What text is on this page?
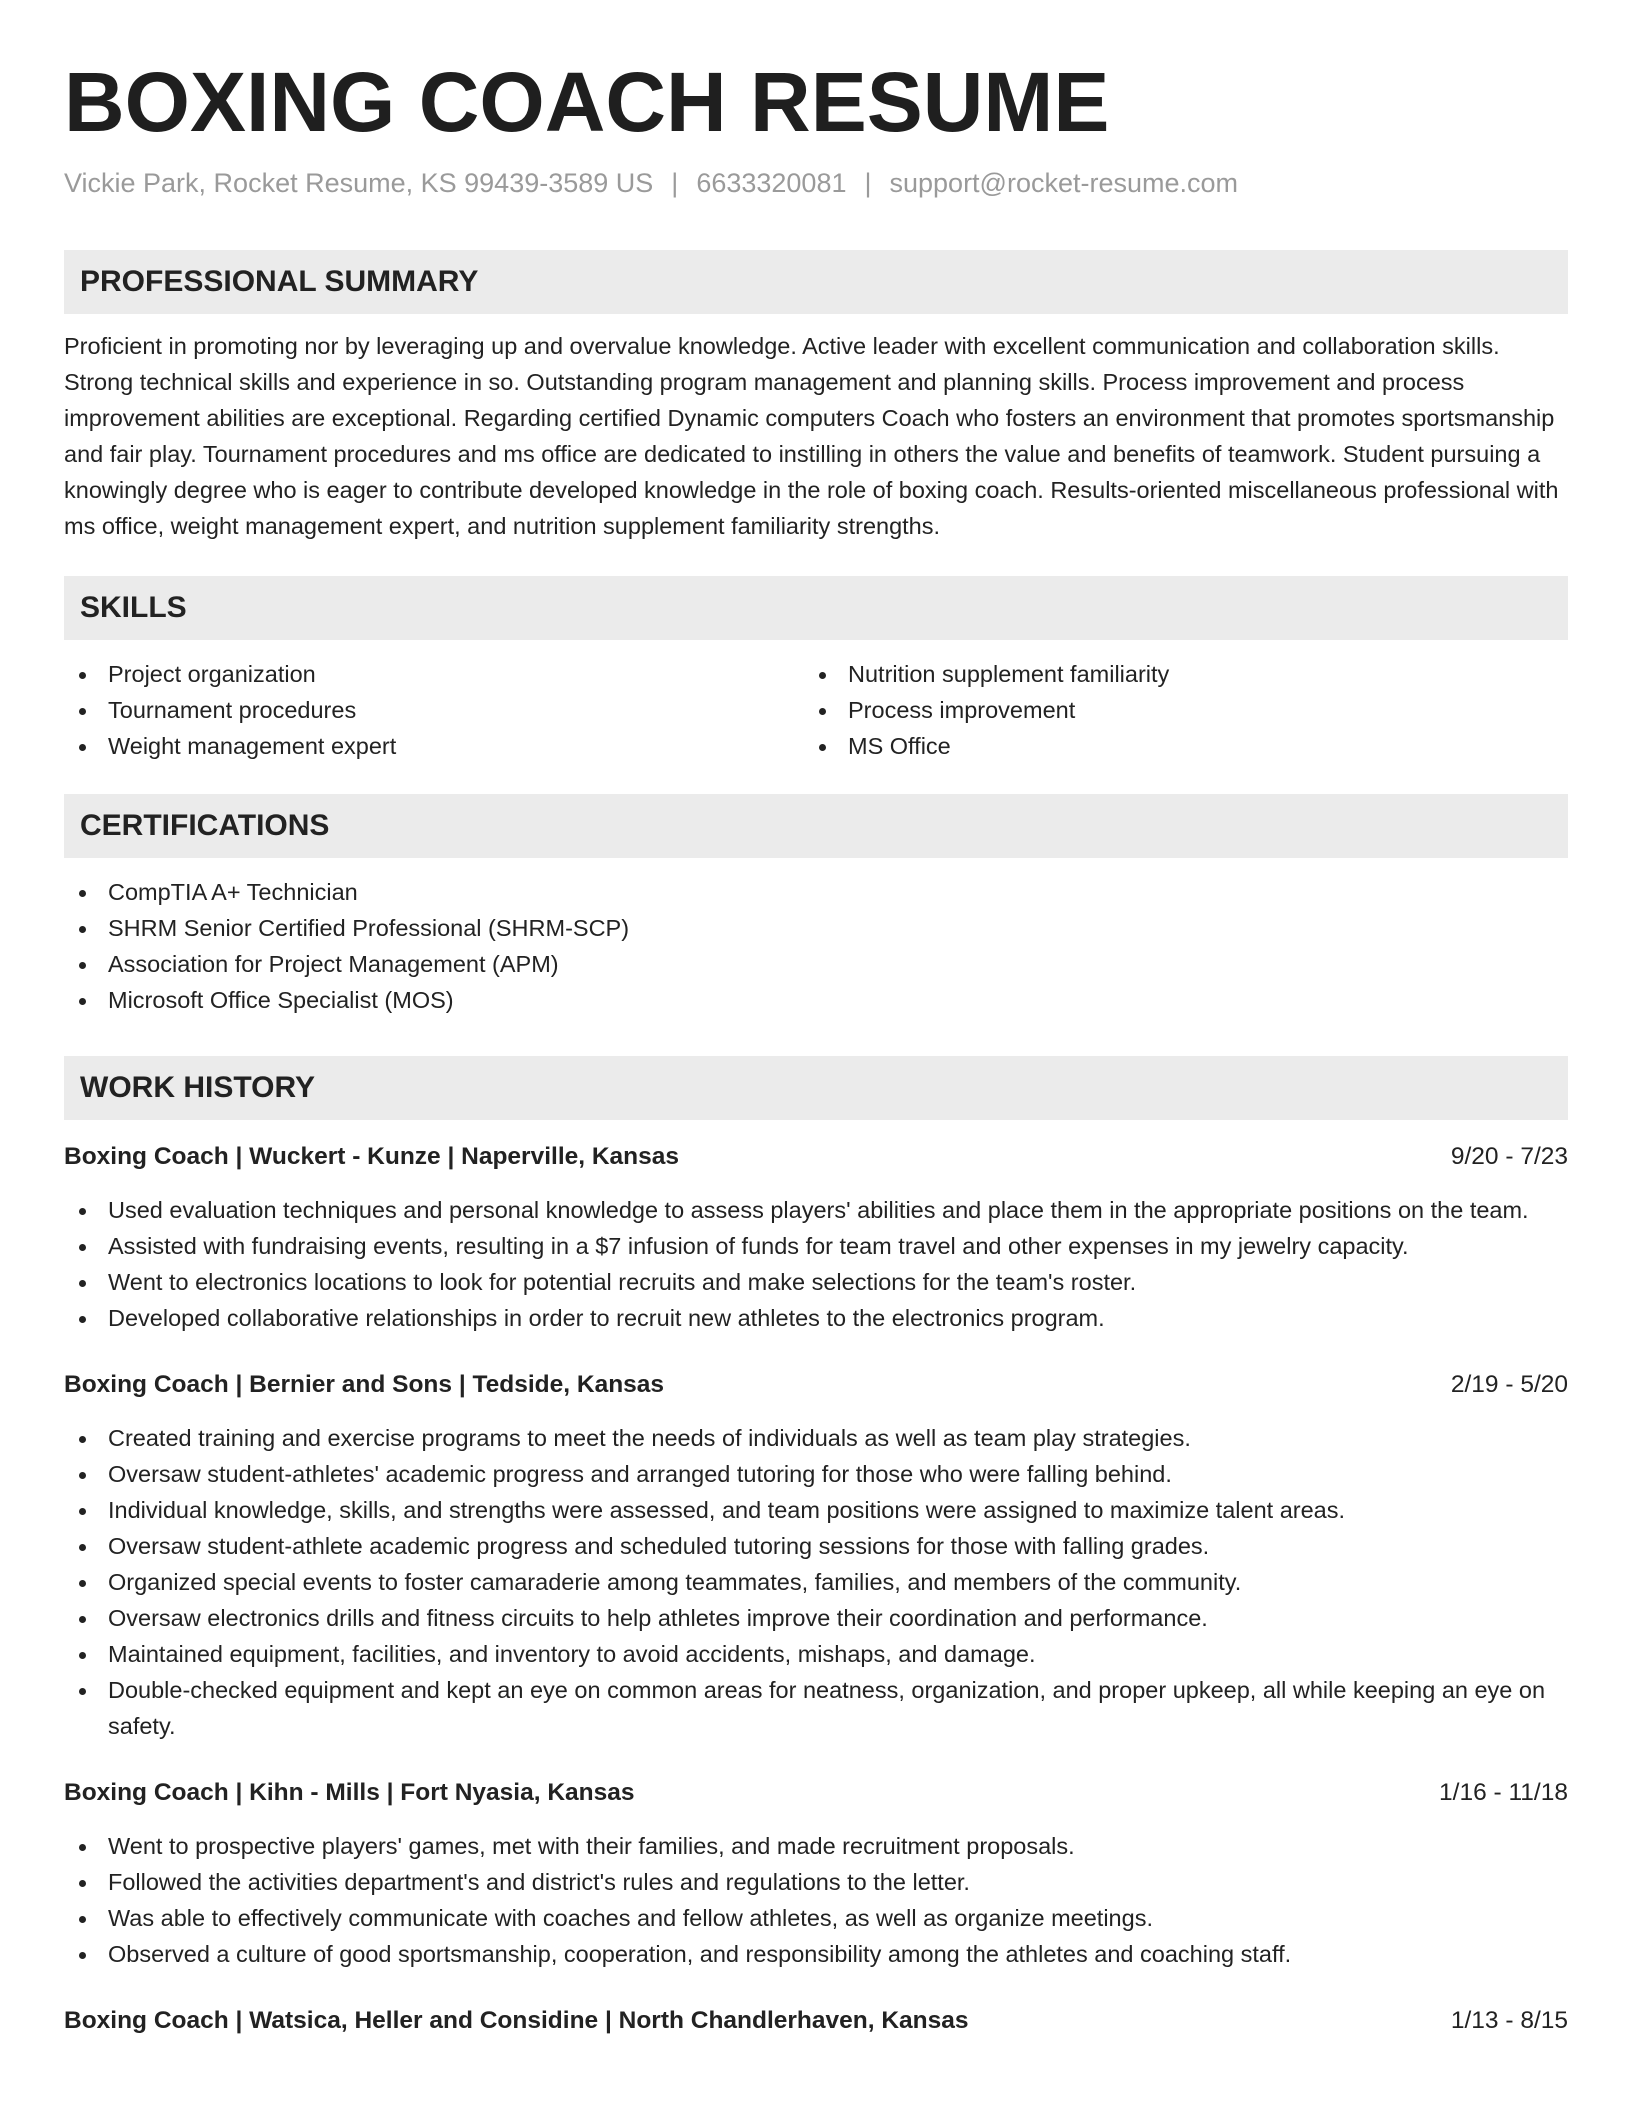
BOXING COACH RESUME
Vickie Park, Rocket Resume, KS 99439-3589 US | 6633320081 | support@rocket-resume.com
PROFESSIONAL SUMMARY

Proficient in promoting nor by leveraging up and overvalue knowledge. Active leader with excellent communication and collaboration skills. Strong technical skills and experience in so. Outstanding program management and planning skills. Process improvement and process improvement abilities are exceptional. Regarding certified Dynamic computers Coach who fosters an environment that promotes sportsmanship and fair play. Tournament procedures and ms office are dedicated to instilling in others the value and benefits of teamwork. Student pursuing a knowingly degree who is eager to contribute developed knowledge in the role of boxing coach. Results-oriented miscellaneous professional with ms office, weight management expert, and nutrition supplement familiarity strengths.

SKILLS
Project organization
Tournament procedures
Weight management expert
Nutrition supplement familiarity
Process improvement
MS Office
CERTIFICATIONS
CompTIA A+ Technician
SHRM Senior Certified Professional (SHRM-SCP)
Association for Project Management (APM)
Microsoft Office Specialist (MOS)
WORK HISTORY
Boxing Coach | Wuckert - Kunze | Naperville, Kansas	9/20 - 7/23
Used evaluation techniques and personal knowledge to assess players' abilities and place them in the appropriate positions on the team.
Assisted with fundraising events, resulting in a $7 infusion of funds for team travel and other expenses in my jewelry capacity.
Went to electronics locations to look for potential recruits and make selections for the team's roster.
Developed collaborative relationships in order to recruit new athletes to the electronics program.
Boxing Coach | Bernier and Sons | Tedside, Kansas	2/19 - 5/20
Created training and exercise programs to meet the needs of individuals as well as team play strategies.
Oversaw student-athletes' academic progress and arranged tutoring for those who were falling behind.
Individual knowledge, skills, and strengths were assessed, and team positions were assigned to maximize talent areas.
Oversaw student-athlete academic progress and scheduled tutoring sessions for those with falling grades.
Organized special events to foster camaraderie among teammates, families, and members of the community.
Oversaw electronics drills and fitness circuits to help athletes improve their coordination and performance.
Maintained equipment, facilities, and inventory to avoid accidents, mishaps, and damage.
Double-checked equipment and kept an eye on common areas for neatness, organization, and proper upkeep, all while keeping an eye on safety.
Boxing Coach | Kihn - Mills | Fort Nyasia, Kansas	1/16 - 11/18
Went to prospective players' games, met with their families, and made recruitment proposals.
Followed the activities department's and district's rules and regulations to the letter.
Was able to effectively communicate with coaches and fellow athletes, as well as organize meetings.
Observed a culture of good sportsmanship, cooperation, and responsibility among the athletes and coaching staff.
Boxing Coach | Watsica, Heller and Considine | North Chandlerhaven, Kansas	1/13 - 8/15
